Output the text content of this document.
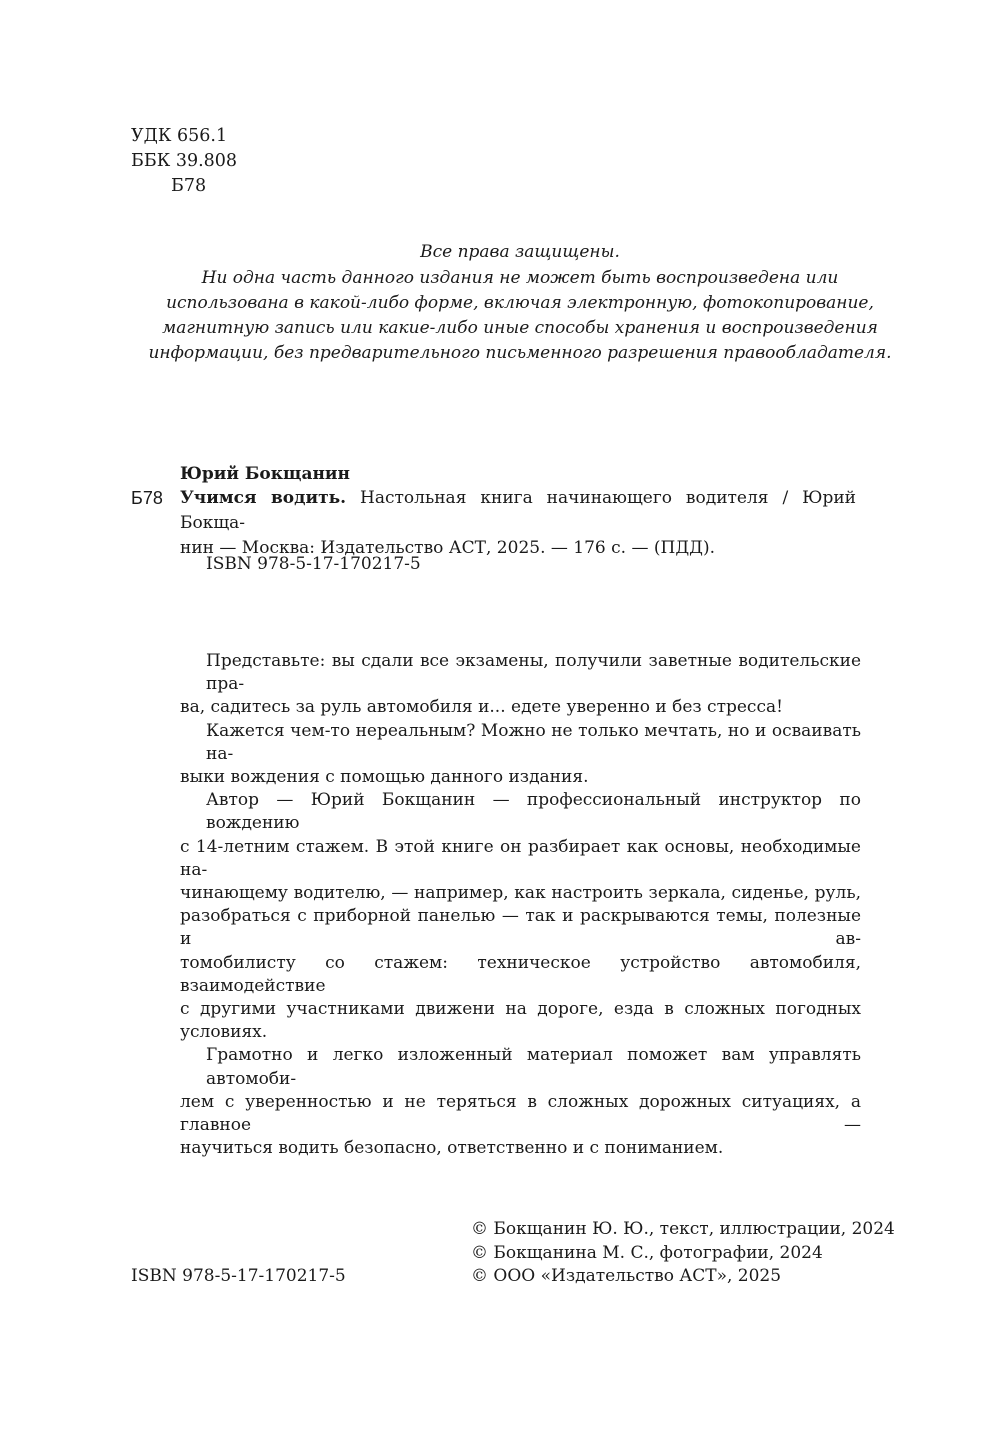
УДК 656.1
ББК 39.808
Б78
Все права защищены.
Ни одна часть данного издания не может быть воспроизведена или
использована в какой-либо форме, включая электронную, фотокопирование,
магнитную запись или какие-либо иные способы хранения и воспроизведения
информации, без предварительного письменного разрешения правообладателя.
Юрий Бокщанин
Б78 Учимся водить. Настольная книга начинающего водителя / Юрий Бокща-
нин — Москва: Издательство АСТ, 2025. — 176 с. — (ПДД).
ISBN 978-5-17-170217-5
Представьте: вы сдали все экзамены, получили заветные водительские пра-
ва, садитесь за руль автомобиля и... едете уверенно и без стресса!
Кажется чем-то нереальным? Можно не только мечтать, но и осваивать на-
выки вождения с помощью данного издания.
Автор — Юрий Бокщанин — профессиональный инструктор по вождению
с 14-летним стажем. В этой книге он разбирает как основы, необходимые на-
чинающему водителю, — например, как настроить зеркала, сиденье, руль,
разобраться с приборной панелью — так и раскрываются темы, полезные и ав-
томобилисту со стажем: техническое устройство автомобиля, взаимодействие
с другими участниками движени на дороге, езда в сложных погодных условиях.
Грамотно и легко изложенный материал поможет вам управлять автомоби-
лем с уверенностью и не теряться в сложных дорожных ситуациях, а главное —
научиться водить безопасно, ответственно и с пониманием.
ISBN 978-5-17-170217-5
© Бокщанин Ю. Ю., текст, иллюстрации, 2024
© Бокщанина М. С., фотографии, 2024
© ООО «Издательство АСТ», 2025
